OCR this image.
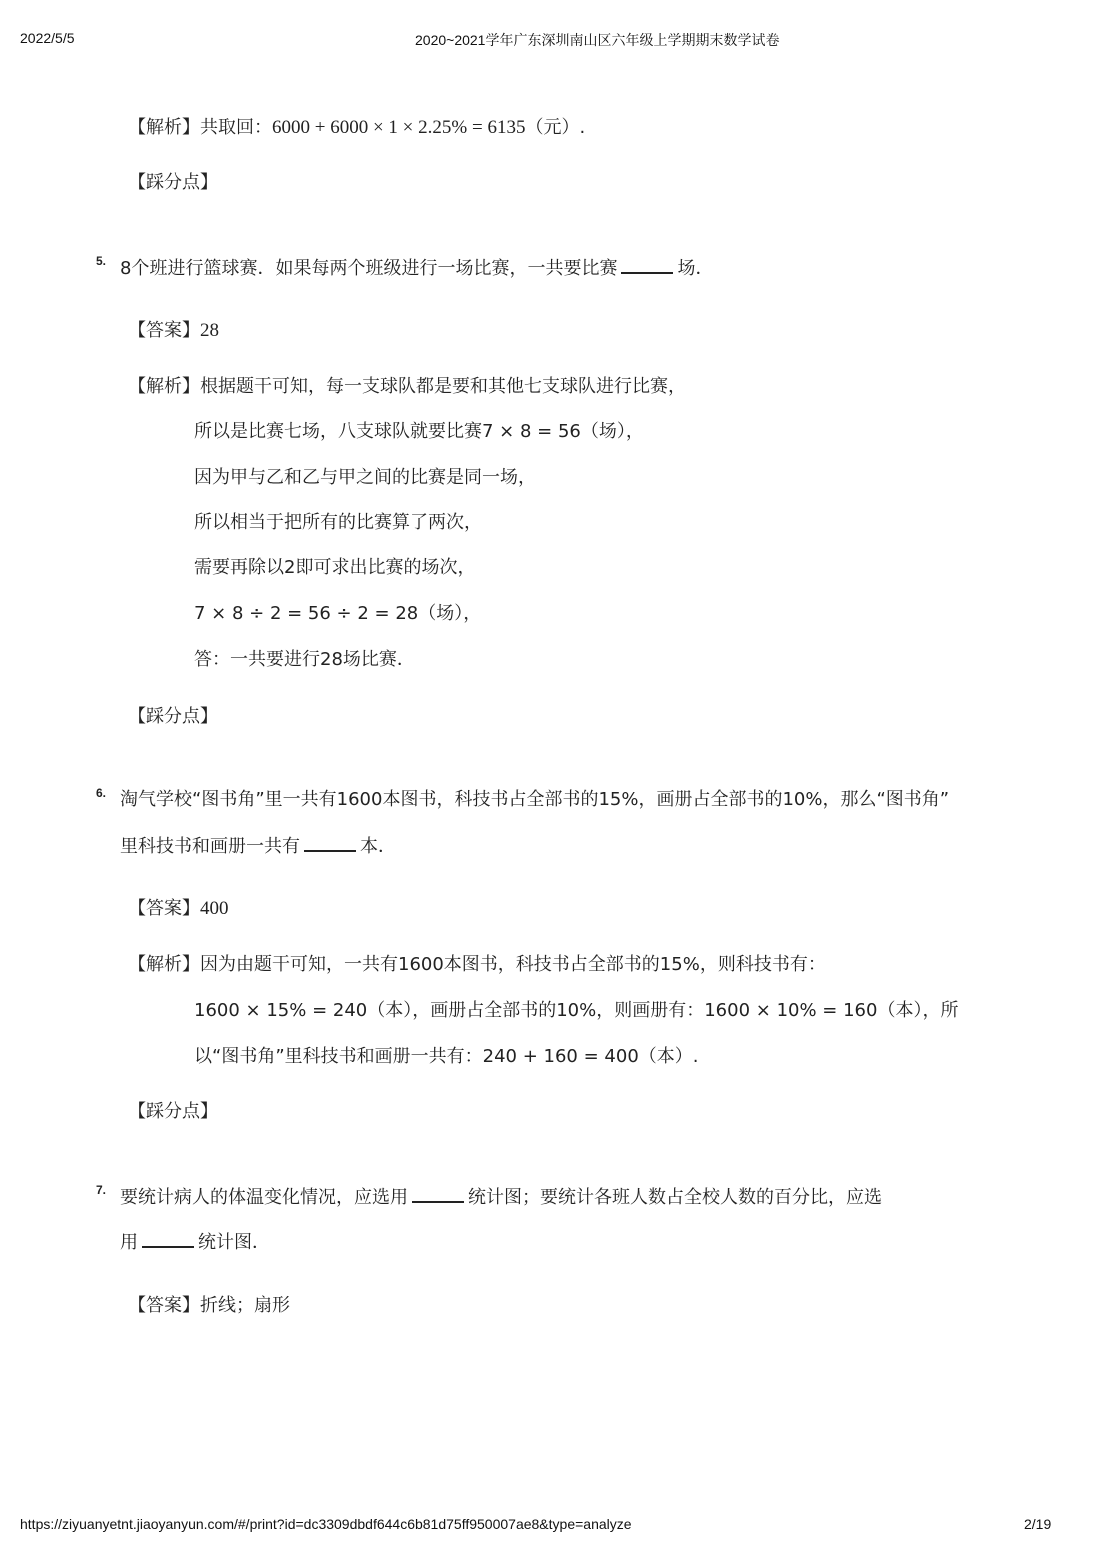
2022/5/5	2020~2021学年广东深圳南山区六年级上学期期末数学试卷
【解析】共取回：6000 + 6000 × 1 × 2.25% = 6135（元）.
【踩分点】
5. 8个班进行篮球赛．如果每两个班级进行一场比赛，一共要比赛	场．
【答案】28
【解析】根据题干可知，每一支球队都是要和其他七支球队进行比赛，
所以是比赛七场，八支球队就要比赛7 × 8 = 56（场），
因为甲与乙和乙与甲之间的比赛是同一场，
所以相当于把所有的比赛算了两次，
需要再除以2即可求出比赛的场次，
7 × 8 ÷ 2 = 56 ÷ 2 = 28（场），
答：一共要进行28场比赛．
【踩分点】
6. 淘气学校“图书角”里一共有1600本图书，科技书占全部书的15%，画册占全部书的10%，那么“图书角”
里科技书和画册一共有	本．
【答案】400
【解析】因为由题干可知，一共有1600本图书，科技书占全部书的15%，则科技书有：
1600 × 15% = 240（本），画册占全部书的10%，则画册有：1600 × 10% = 160（本），所
以“图书角”里科技书和画册一共有：240 + 160 = 400（本）.
【踩分点】
7. 要统计病人的体温变化情况，应选用	统计图；要统计各班人数占全校人数的百分比，应选
用	统计图．
【答案】折线；扇形
https://ziyuanyetnt.jiaoyanyun.com/#/print?id=dc3309dbdf644c6b81d75ff950007ae8&type=analyze	2/19
